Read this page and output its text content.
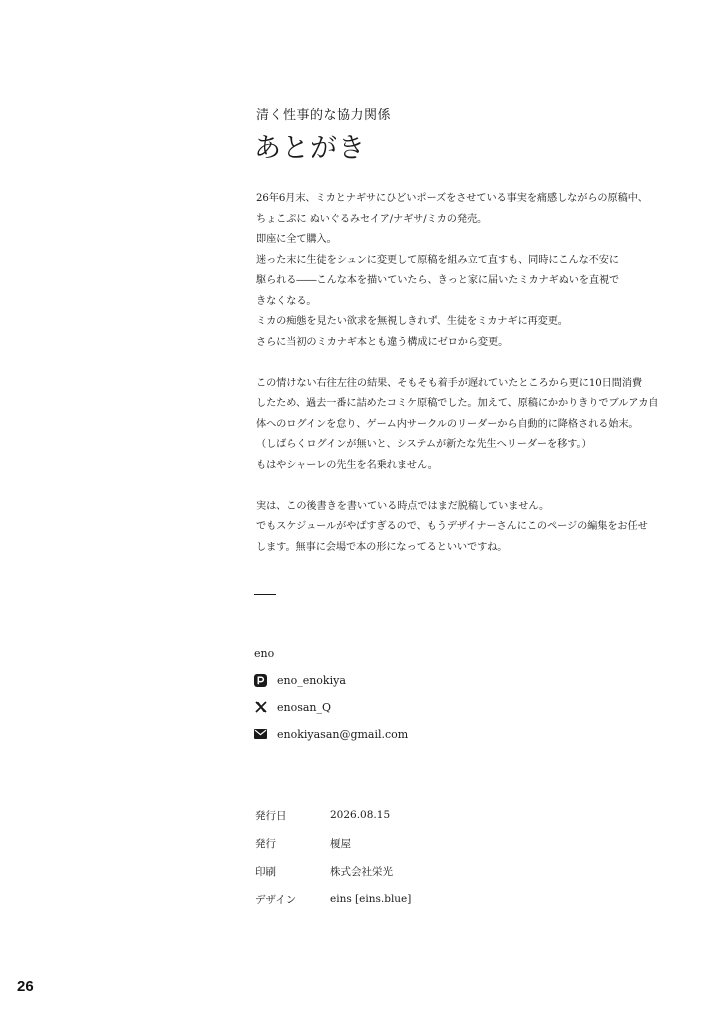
清く性事的な協力関係
あとがき
26年6月末、ミカとナギサにひどいポーズをさせている事実を痛感しながらの原稿中、
ちょこぷに ぬいぐるみセイア/ナギサ/ミカの発売。
即座に全て購入。
迷った末に生徒をシュンに変更して原稿を組み立て直すも、同時にこんな不安に駆られる――こんな本を描いていたら、きっと家に届いたミカナギぬいを直視できなくなる。
ミカの痴態を見たい欲求を無視しきれず、生徒をミカナギに再変更。
さらに当初のミカナギ本とも違う構成にゼロから変更。
この情けない右往左往の結果、そもそも着手が遅れていたところから更に10日間消費
したため、過去一番に詰めたコミケ原稿でした。加えて、原稿にかかりきりでブルアカ自
体へのログインを怠り、ゲーム内サークルのリーダーから自動的に降格される始末。
（しばらくログインが無いと、システムが新たな先生へリーダーを移す。）
もはやシャーレの先生を名乗れません。
実は、この後書きを書いている時点ではまだ脱稿していません。
でもスケジュールがやばすぎるので、もうデザイナーさんにこのページの編集をお任せ
します。無事に会場で本の形になってるといいですね。
eno
eno_enokiya
enosan_Q
enokiyasan@gmail.com
発行日	2026.08.15
発行	榎屋
印刷	株式会社栄光
デザイン	eins [eins.blue]
26
